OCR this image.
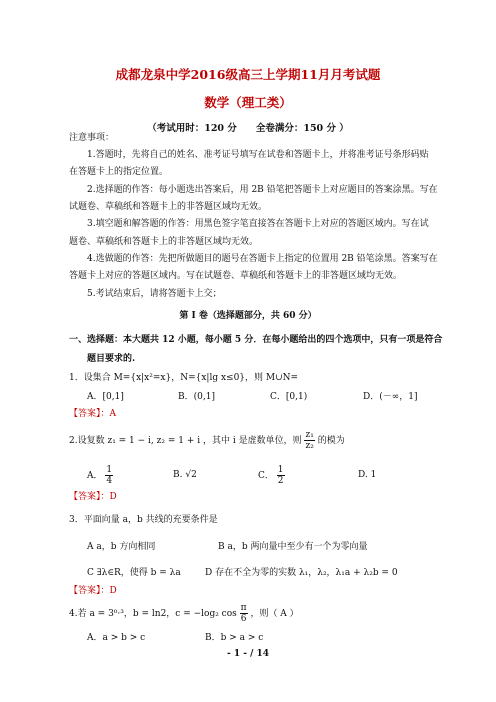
成都龙泉中学2016级高三上学期11月月考试题
数学（理工类）
（考试用时：120 分　　全卷满分：150 分 ）
注意事项：
1.答题时，先将自己的姓名、准考证号填写在试卷和答题卡上，并将准考证号条形码贴
在答题卡上的指定位置。
2.选择题的作答：每小题选出答案后，用 2B 铅笔把答题卡上对应题目的答案涂黑。写在
试题卷、草稿纸和答题卡上的非答题区域均无效。
3.填空题和解答题的作答：用黑色签字笔直接答在答题卡上对应的答题区域内。写在试
题卷、草稿纸和答题卡上的非答题区域均无效。
4.选做题的作答：先把所做题目的题号在答题卡上指定的位置用 2B 铅笔涂黑。答案写在
答题卡上对应的答题区域内。写在试题卷、草稿纸和答题卡上的非答题区域均无效。
5.考试结束后，请将答题卡上交；
第 I 卷（选择题部分，共 60 分）
一、选择题：本大题共 12 小题，每小题 5 分．在每小题给出的四个选项中，只有一项是符合
题目要求的.
1．设集合 M={x|x²=x}，N={x|lg x≤0}，则 M∪N=
A．[0,1]	B．(0,1]	C．[0,1)	D．(－∞，1]
【答案】：A
2.设复数 z₁ = 1 − i, z₂ = 1 + i ，其中 i 是虚数单位，则 $\frac{\text{z₁}}{\text{z₂}}$ 的模为
A． $\frac{1}{4}$	B. √2	C． $\frac{1}{2}$	D. 1
【答案】：D
3．平面向量 a，b 共线的充要条件是
A a，b 方向相同	B a，b 两向量中至少有一个为零向量
C ∃λ∈R，使得 b = λa	D 存在不全为零的实数 λ₁，λ₂，λ₁a + λ₂b = 0
【答案】：D
4.若 a = 3⁰·³，b = ln2，c = −log₂ $\cos \frac{\pi}{6}$ ，则（ A ）
A．a > b > c	B．b > a > c
- 1 - / 14
